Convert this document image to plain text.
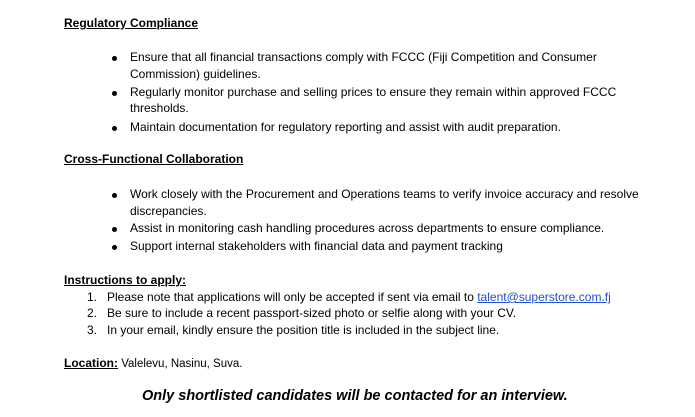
Regulatory Compliance
Ensure that all financial transactions comply with FCCC (Fiji Competition and Consumer
Commission) guidelines.
Regularly monitor purchase and selling prices to ensure they remain within approved FCCC
thresholds.
Maintain documentation for regulatory reporting and assist with audit preparation.
Cross-Functional Collaboration
Work closely with the Procurement and Operations teams to verify invoice accuracy and resolve
discrepancies.
Assist in monitoring cash handling procedures across departments to ensure compliance.
Support internal stakeholders with financial data and payment tracking
Instructions to apply:
1. Please note that applications will only be accepted if sent via email to talent@superstore.com.fj
2. Be sure to include a recent passport-sized photo or selfie along with your CV.
3. In your email, kindly ensure the position title is included in the subject line.
Location: Valelevu, Nasinu, Suva.
Only shortlisted candidates will be contacted for an interview.
